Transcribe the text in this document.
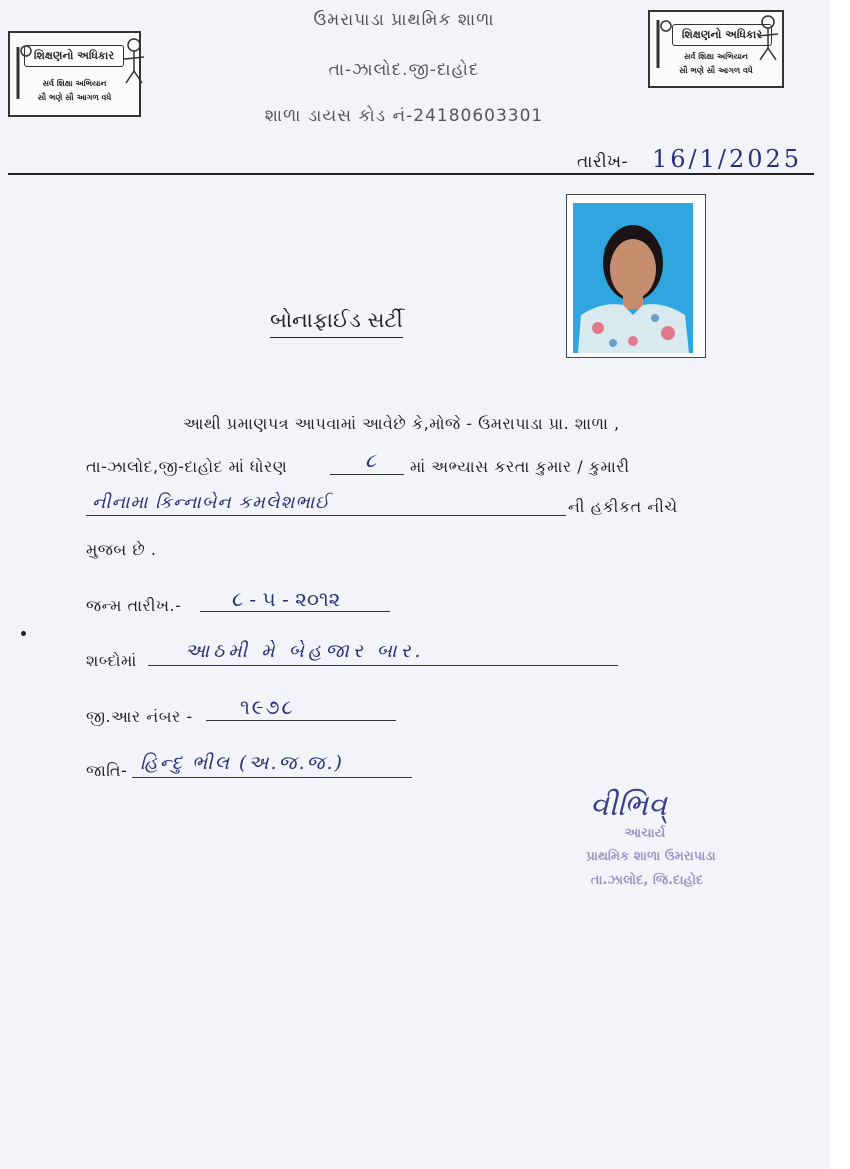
શિક્ષણનો અધિકાર
સર્વ શિક્ષા અભિયાન
સૌ ભણે સૌ આગળ વધે
શિક્ષણનો અધિકાર
સર્વ શિક્ષા અભિયાન
સૌ ભણે સૌ આગળ વધે
ઉમરાપાડા પ્રાથમિક શાળા
તા-ઝાલોદ.જી-દાહોદ
શાળા ડાયસ કોડ નં-24180603301
તારીખ- 16/1/2025
બોનાફાઈડ સર્ટી
આથી પ્રમાણપત્ર આપવામાં આવેછે કે,મોજે - ઉમરાપાડા પ્રા. શાળા ,
તા-ઝાલોદ,જી-દાહોદ માં ધોરણ	૮ માં અભ્યાસ કરતા કુમાર / કુમારી
નીનામા કિન્નાબેન કમલેશભાઈ	ની હકીકત નીચે
મુજબ છે .
જન્મ તારીખ.-	૮ - ૫ - ૨૦૧૨
શબ્દોમાં	આઠમી મે બેહજાર બાર.
જી.આર નંબર - ૧૯૭૮
જાતિ- હિન્દુ ભીલ (અ.જ.જ.)
વીભિવ્
આચાર્ય
પ્રાથમિક શાળા ઉમરાપાડા
તા.ઝાલોદ, જિ.દાહોદ
